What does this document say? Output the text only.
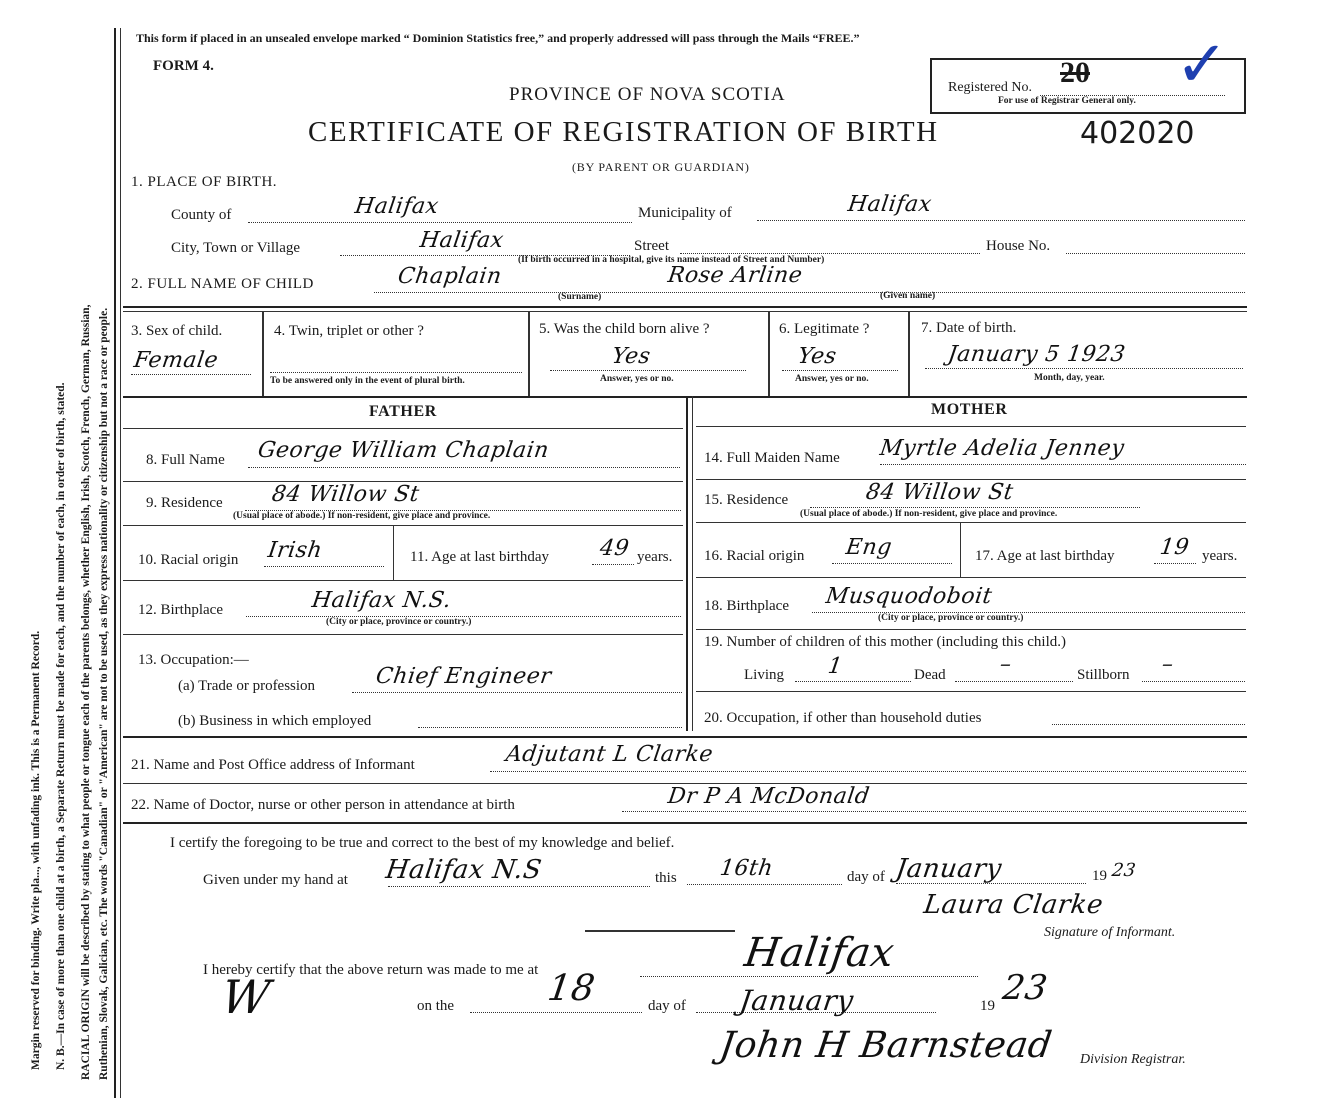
Margin reserved for binding. Write pla..., with unfading ink. This is a Permanent Record. N. B.—In case of more than one child at a birth, a Separate Return must be made for each, and the number of each, in order of birth, stated. RACIAL ORIGIN will be described by stating to what people or tongue each of the parents belongs, whether English, Irish, Scotch, French, German, Russian, Ruthenian, Slovak, Galician, etc. The words "Canadian" or "American" are not to be used, as they express nationality or citizenship but not a race or people.
This form if placed in an unsealed envelope marked “ Dominion Statistics free,” and properly addressed will pass through the Mails “FREE.”
FORM 4.
PROVINCE OF NOVA SCOTIA
CERTIFICATE OF REGISTRATION OF BIRTH	402020
(BY PARENT OR GUARDIAN)
Registered No. 20
For use of Registrar General only. ✓
1. PLACE OF BIRTH.
County of	Halifax	Municipality of	Halifax
City, Town or Village	Halifax	Street	House No.
(If birth occurred in a hospital, give its name instead of Street and Number)
2. FULL NAME OF CHILD	Chaplain	Rose Arline
(Surname)	(Given name)
3. Sex of child.
Female
4. Twin, triplet or other ?
To be answered only in the event of plural birth.
5. Was the child born alive ?
Yes
Answer, yes or no.
6. Legitimate ?
Yes
Answer, yes or no.
7. Date of birth.
January 5 1923
Month, day, year.
FATHER	MOTHER
8. Full Name George William Chaplain
9. Residence 84 Willow St
(Usual place of abode.) If non-resident, give place and province.
10. Racial origin Irish	11. Age at last birthday 49 years.
12. Birthplace	Halifax N.S.
(City or place, province or country.)
13. Occupation:—
(a) Trade or profession	Chief Engineer
(b) Business in which employed
14. Full Maiden Name Myrtle Adelia Jenney
15. Residence	84 Willow St
(Usual place of abode.) If non-resident, give place and province.
16. Racial origin Eng	17. Age at last birthday 19 years.
18. Birthplace Musquodoboit
(City or place, province or country.)
19. Number of children of this mother (including this child.)
Living 1	Dead –	Stillborn –
20. Occupation, if other than household duties
21. Name and Post Office address of Informant	Adjutant L Clarke
22. Name of Doctor, nurse or other person in attendance at birth	Dr P A McDonald
I certify the foregoing to be true and correct to the best of my knowledge and belief.
Given under my hand at Halifax N.S	this 16th	day of January	19 23
Laura Clarke
Signature of Informant.
I hereby certify that the above return was made to me at	Halifax
W	on the	18	day of January	19 23
John H Barnstead Division Registrar.
